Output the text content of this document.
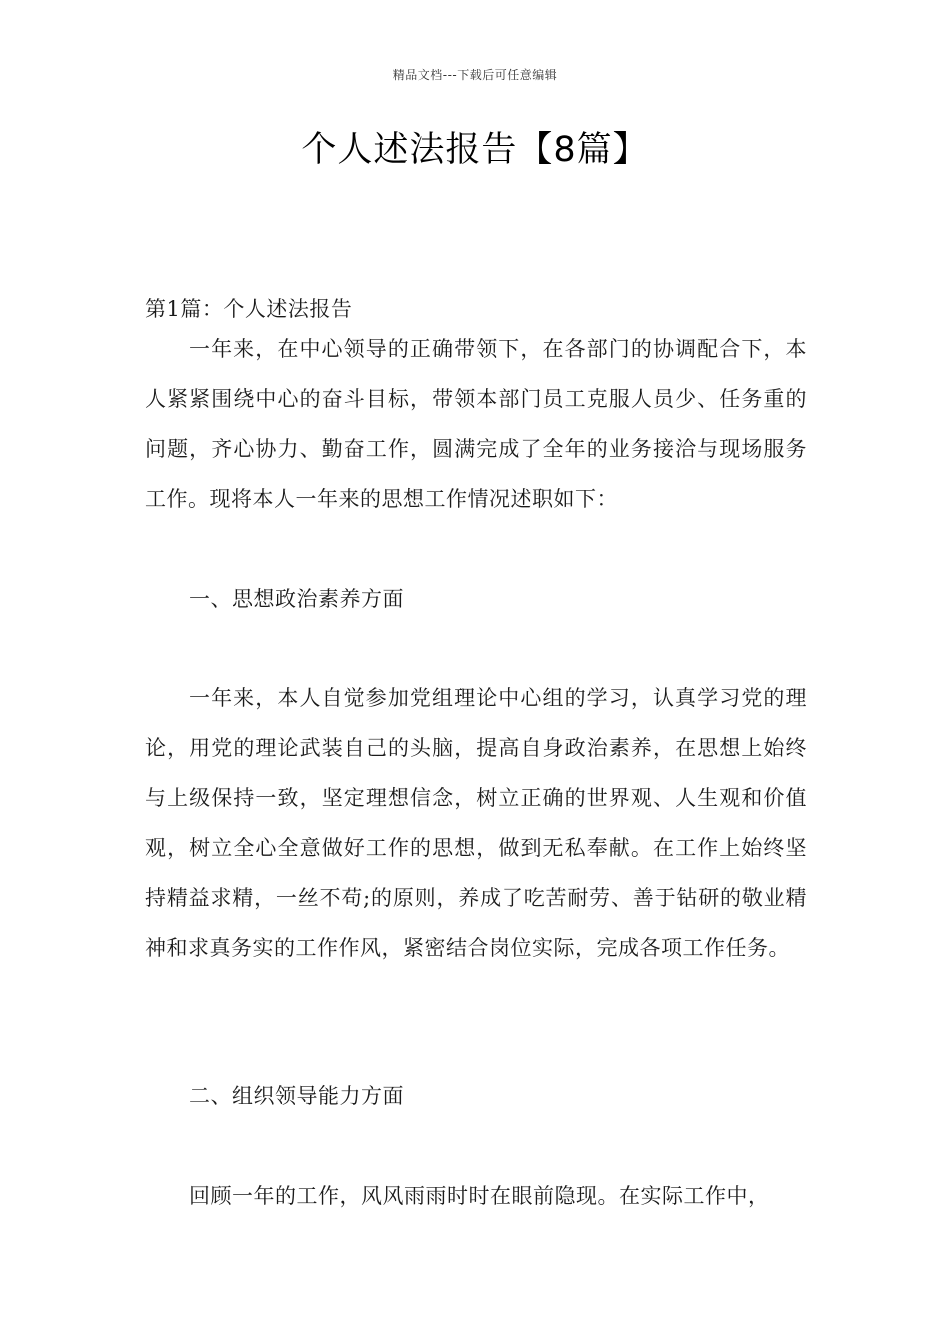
精品文档---下载后可任意编辑
个人述法报告【8篇】

第1篇：个人述法报告

一年来，在中心领导的正确带领下，在各部门的协调配合下，本人紧紧围绕中心的奋斗目标，带领本部门员工克服人员少、任务重的问题，齐心协力、勤奋工作，圆满完成了全年的业务接洽与现场服务工作。现将本人一年来的思想工作情况述职如下：

一、思想政治素养方面

一年来，本人自觉参加党组理论中心组的学习，认真学习党的理论，用党的理论武装自己的头脑，提高自身政治素养，在思想上始终与上级保持一致，坚定理想信念，树立正确的世界观、人生观和价值观，树立全心全意做好工作的思想，做到无私奉献。在工作上始终坚持精益求精，一丝不苟;的原则，养成了吃苦耐劳、善于钻研的敬业精神和求真务实的工作作风，紧密结合岗位实际，完成各项工作任务。

二、组织领导能力方面

回顾一年的工作，风风雨雨时时在眼前隐现。在实际工作中，
